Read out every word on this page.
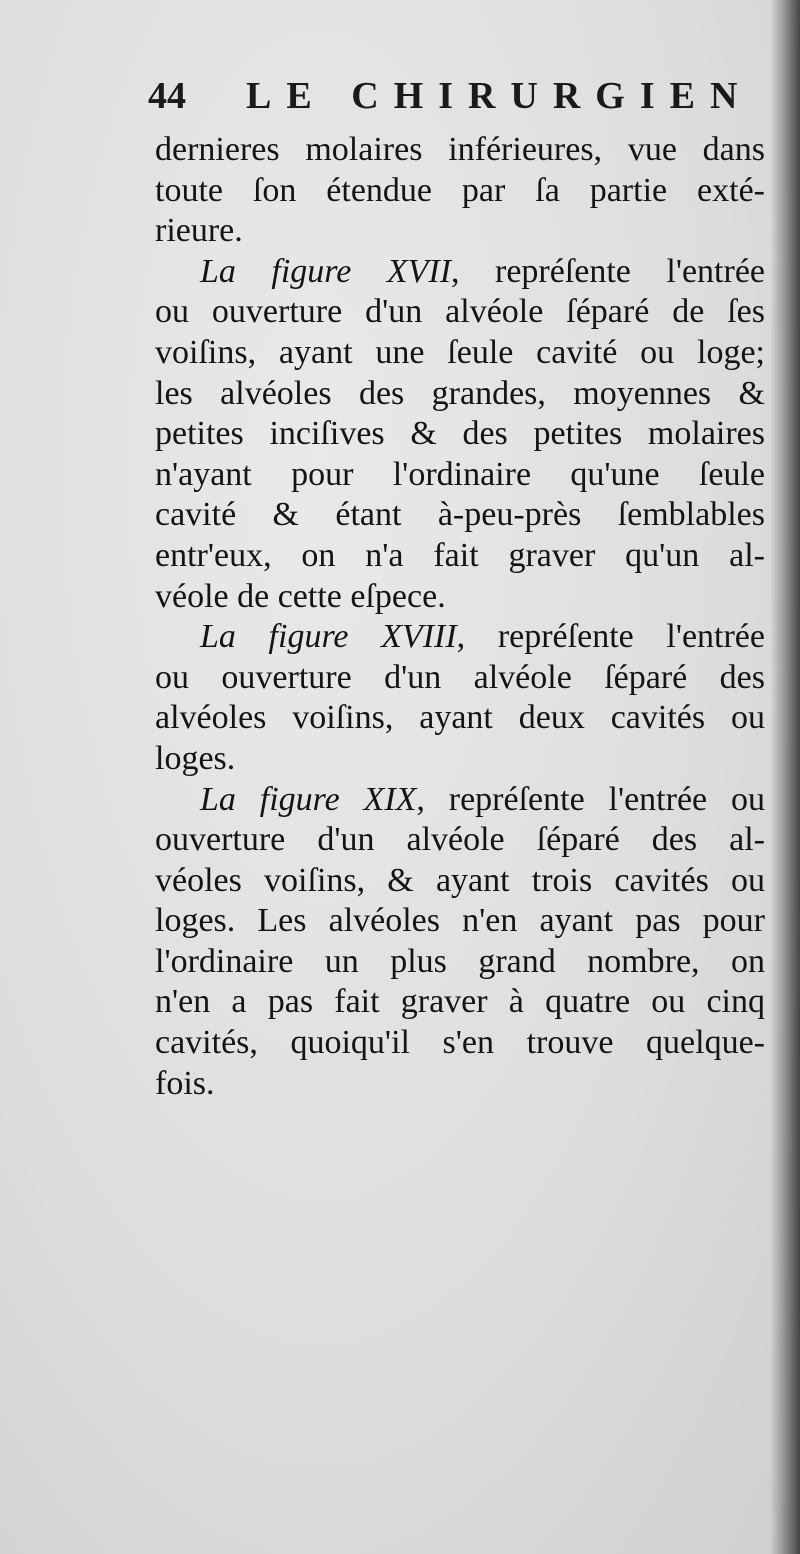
44 LE CHIRURGIEN
dernieres molaires inférieures, vue dans
toute ſon étendue par ſa partie exté-
rieure.
La figure XVII, repréſente l'entrée
ou ouverture d'un alvéole ſéparé de ſes
voiſins, ayant une ſeule cavité ou loge;
les alvéoles des grandes, moyennes &
petites inciſives & des petites molaires
n'ayant pour l'ordinaire qu'une ſeule
cavité & étant à-peu-près ſemblables
entr'eux, on n'a fait graver qu'un al-
véole de cette eſpece.
La figure XVIII, repréſente l'entrée
ou ouverture d'un alvéole ſéparé des
alvéoles voiſins, ayant deux cavités ou
loges.
La figure XIX, repréſente l'entrée ou
ouverture d'un alvéole ſéparé des al-
véoles voiſins, & ayant trois cavités ou
loges. Les alvéoles n'en ayant pas pour
l'ordinaire un plus grand nombre, on
n'en a pas fait graver à quatre ou cinq
cavités, quoiqu'il s'en trouve quelque-
fois.
